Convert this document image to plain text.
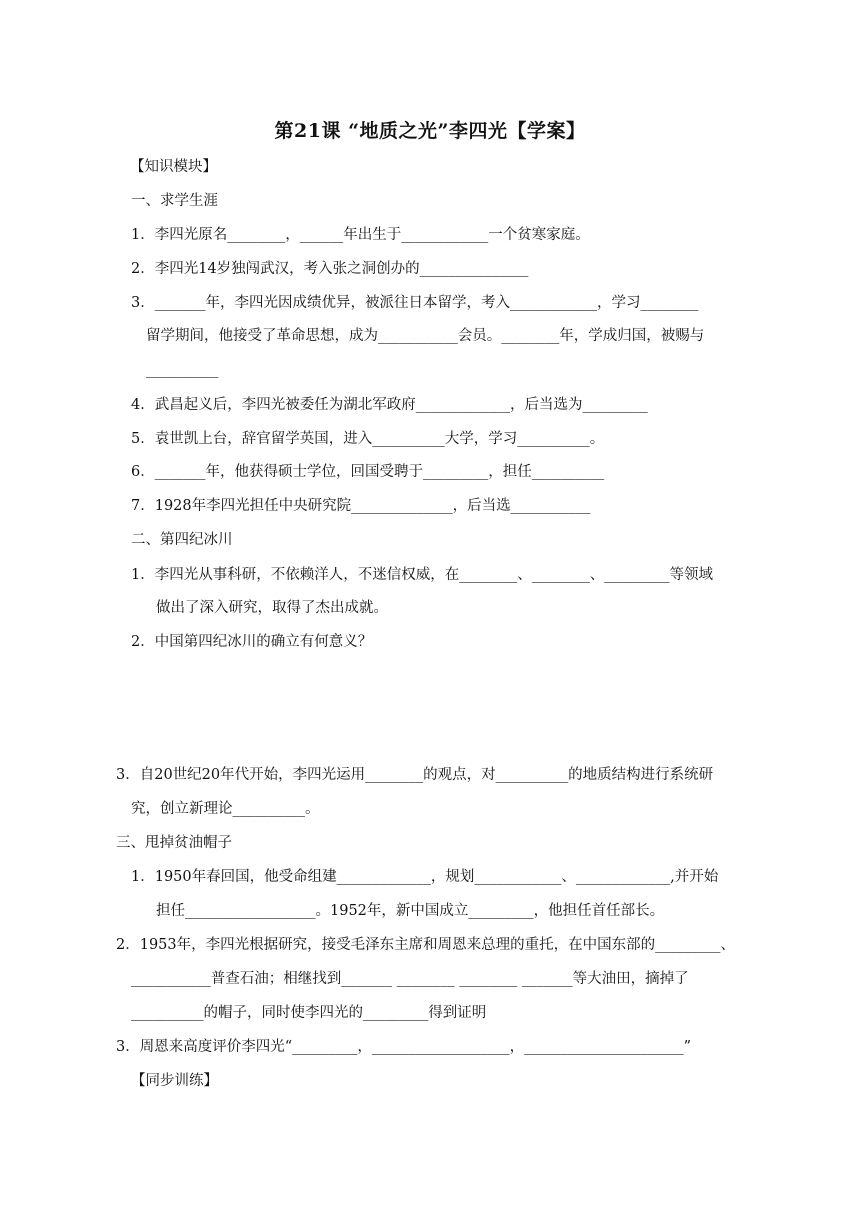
第21课 “地质之光”李四光【学案】
【知识模块】
一、求学生涯
1．李四光原名________，______年出生于____________一个贫寒家庭。
2．李四光14岁独闯武汉，考入张之洞创办的_______________
3．_______年，李四光因成绩优异，被派往日本留学，考入____________，学习________
留学期间，他接受了革命思想，成为___________会员。________年，学成归国，被赐与
__________
4．武昌起义后，李四光被委任为湖北军政府_____________，后当选为_________
5．袁世凯上台，辞官留学英国，进入__________大学，学习__________。
6．_______年，他获得硕士学位，回国受聘于_________，担任__________
7．1928年李四光担任中央研究院______________，后当选___________
二、第四纪冰川
1．李四光从事科研，不依赖洋人，不迷信权威，在________、________、_________等领域
做出了深入研究，取得了杰出成就。
2．中国第四纪冰川的确立有何意义？
3．自20世纪20年代开始，李四光运用________的观点，对__________的地质结构进行系统研
究，创立新理论__________。
三、甩掉贫油帽子
1．1950年春回国，他受命组建_____________，规划____________、_____________,并开始
担任__________________。1952年，新中国成立_________，他担任首任部长。
2．1953年，李四光根据研究，接受毛泽东主席和周恩来总理的重托，在中国东部的_________、
___________普查石油；相继找到_______ ________ ________ _______等大油田，摘掉了
__________的帽子，同时使李四光的_________得到证明
3．周恩来高度评价李四光“_________，___________________，______________________”
【同步训练】
